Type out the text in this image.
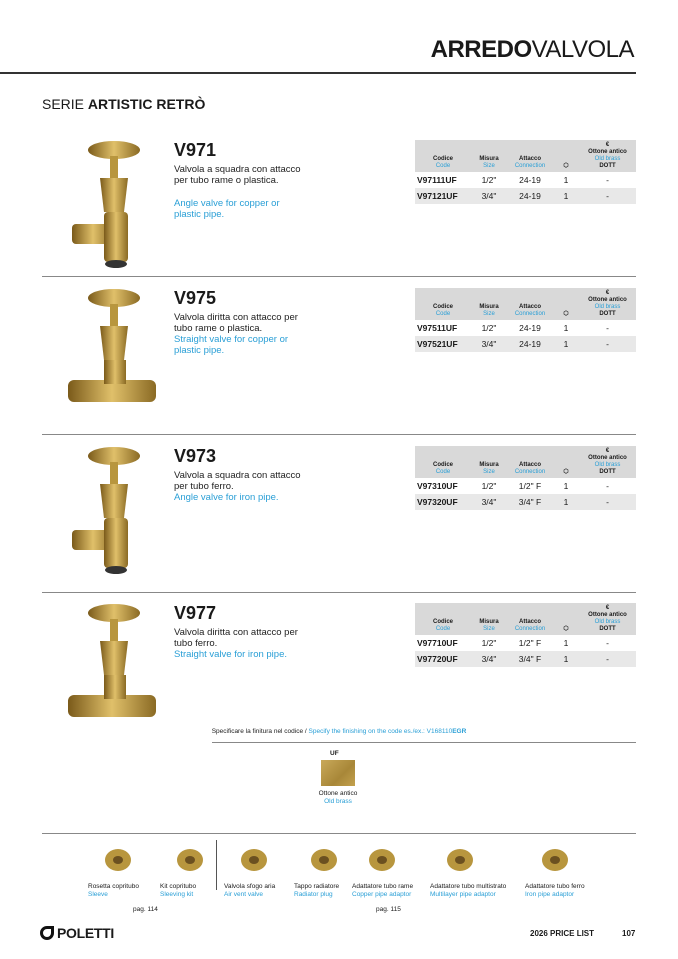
ARREDOVALVOLA
SERIE ARTISTIC RETRÒ
Specificare la finitura nel codice / Specify the finishing on the code es./ex.: V168110EGR
UF
Ottone antico
Old brass
pag. 114	pag. 115
POLETTI	2026 PRICE LIST	107
V971
Valvola a squadra con attacco per tubo rame o plastica.
Angle valve for copper or plastic pipe.
Codice
Code	Misura
Size	Attacco
Connection	⬡	€
Ottone antico
Old brass
DOTT

V97111UF	1/2"	24-19	1	-
V97121UF	3/4"	24-19	1	-
V975
Valvola diritta con attacco per tubo rame o plastica.
Straight valve for copper or plastic pipe.
Codice
Code	Misura
Size	Attacco
Connection	⬡	€
Ottone antico
Old brass
DOTT

V97511UF	1/2"	24-19	1	-
V97521UF	3/4"	24-19	1	-
V973
Valvola a squadra con attacco per tubo ferro.
Angle valve for iron pipe.
Codice
Code	Misura
Size	Attacco
Connection	⬡	€
Ottone antico
Old brass
DOTT

V97310UF	1/2"	1/2" F	1	-
V97320UF	3/4"	3/4" F	1	-
V977
Valvola diritta con attacco per tubo ferro.
Straight valve for iron pipe.
Codice
Code	Misura
Size	Attacco
Connection	⬡	€
Ottone antico
Old brass
DOTT

V97710UF	1/2"	1/2" F	1	-
V97720UF	3/4"	3/4" F	1	-
Rosetta copritubo
Sleeve
Kit copritubo
Sleeving kit
Valvola sfogo aria
Air vent valve
Tappo radiatore
Radiator plug
Adattatore tubo rame
Copper pipe adaptor
Adattatore tubo multistrato
Multilayer pipe adaptor
Adattatore tubo ferro
Iron pipe adaptor
